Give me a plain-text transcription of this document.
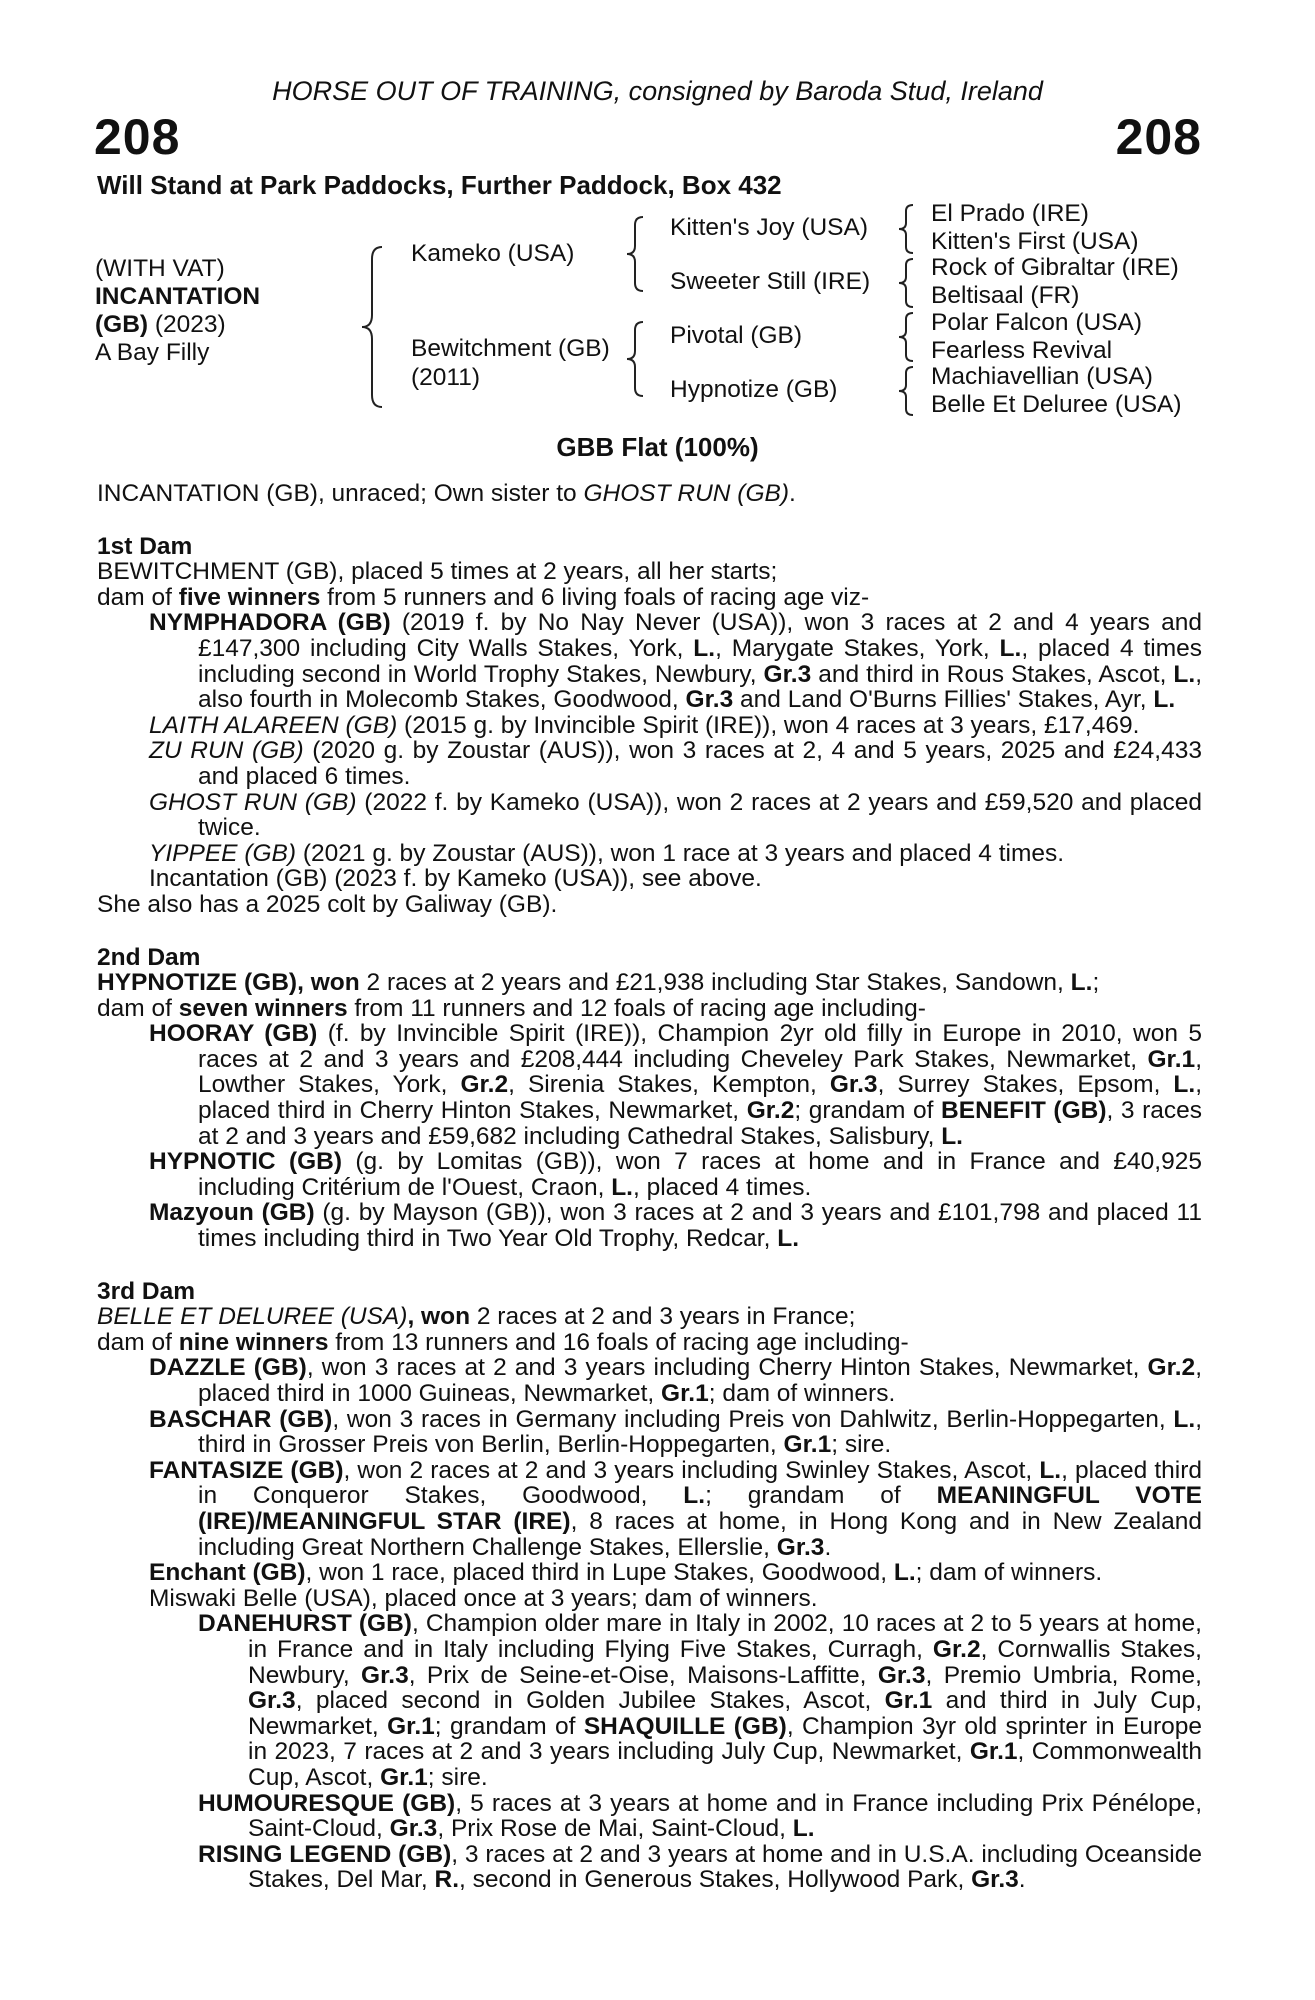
HORSE OUT OF TRAINING, consigned by Baroda Stud, Ireland
208	208
Will Stand at Park Paddocks, Further Paddock, Box 432
(WITH VAT)
INCANTATION
(GB) (2023)
A Bay Filly
Kameko (USA)
Bewitchment (GB)
(2011)
Kitten's Joy (USA)
Sweeter Still (IRE)
Pivotal (GB)
Hypnotize (GB)
El Prado (IRE)
Kitten's First (USA)
Rock of Gibraltar (IRE)
Beltisaal (FR)
Polar Falcon (USA)
Fearless Revival
Machiavellian (USA)
Belle Et Deluree (USA)
GBB Flat (100%)

INCANTATION (GB), unraced; Own sister to GHOST RUN (GB).

1st Dam

BEWITCHMENT (GB), placed 5 times at 2 years, all her starts;

dam of five winners from 5 runners and 6 living foals of racing age viz-

NYMPHADORA (GB) (2019 f. by No Nay Never (USA)), won 3 races at 2 and 4 years and £147,300 including City Walls Stakes, York, L., Marygate Stakes, York, L., placed 4 times including second in World Trophy Stakes, Newbury, Gr.3 and third in Rous Stakes, Ascot, L., also fourth in Molecomb Stakes, Goodwood, Gr.3 and Land O'Burns Fillies' Stakes, Ayr, L.

LAITH ALAREEN (GB) (2015 g. by Invincible Spirit (IRE)), won 4 races at 3 years, £17,469.

ZU RUN (GB) (2020 g. by Zoustar (AUS)), won 3 races at 2, 4 and 5 years, 2025 and £24,433 and placed 6 times.

GHOST RUN (GB) (2022 f. by Kameko (USA)), won 2 races at 2 years and £59,520 and placed twice.

YIPPEE (GB) (2021 g. by Zoustar (AUS)), won 1 race at 3 years and placed 4 times.

Incantation (GB) (2023 f. by Kameko (USA)), see above.

She also has a 2025 colt by Galiway (GB).

2nd Dam

HYPNOTIZE (GB), won 2 races at 2 years and £21,938 including Star Stakes, Sandown, L.;

dam of seven winners from 11 runners and 12 foals of racing age including-

HOORAY (GB) (f. by Invincible Spirit (IRE)), Champion 2yr old filly in Europe in 2010, won 5 races at 2 and 3 years and £208,444 including Cheveley Park Stakes, Newmarket, Gr.1, Lowther Stakes, York, Gr.2, Sirenia Stakes, Kempton, Gr.3, Surrey Stakes, Epsom, L., placed third in Cherry Hinton Stakes, Newmarket, Gr.2; grandam of BENEFIT (GB), 3 races at 2 and 3 years and £59,682 including Cathedral Stakes, Salisbury, L.

HYPNOTIC (GB) (g. by Lomitas (GB)), won 7 races at home and in France and £40,925 including Critérium de l'Ouest, Craon, L., placed 4 times.

Mazyoun (GB) (g. by Mayson (GB)), won 3 races at 2 and 3 years and £101,798 and placed 11 times including third in Two Year Old Trophy, Redcar, L.

3rd Dam

BELLE ET DELUREE (USA), won 2 races at 2 and 3 years in France;

dam of nine winners from 13 runners and 16 foals of racing age including-

DAZZLE (GB), won 3 races at 2 and 3 years including Cherry Hinton Stakes, Newmarket, Gr.2, placed third in 1000 Guineas, Newmarket, Gr.1; dam of winners.

BASCHAR (GB), won 3 races in Germany including Preis von Dahlwitz, Berlin-Hoppegarten, L., third in Grosser Preis von Berlin, Berlin-Hoppegarten, Gr.1; sire.

FANTASIZE (GB), won 2 races at 2 and 3 years including Swinley Stakes, Ascot, L., placed third in Conqueror Stakes, Goodwood, L.; grandam of MEANINGFUL VOTE (IRE)/MEANINGFUL STAR (IRE), 8 races at home, in Hong Kong and in New Zealand including Great Northern Challenge Stakes, Ellerslie, Gr.3.

Enchant (GB), won 1 race, placed third in Lupe Stakes, Goodwood, L.; dam of winners.

Miswaki Belle (USA), placed once at 3 years; dam of winners.

DANEHURST (GB), Champion older mare in Italy in 2002, 10 races at 2 to 5 years at home, in France and in Italy including Flying Five Stakes, Curragh, Gr.2, Cornwallis Stakes, Newbury, Gr.3, Prix de Seine-et-Oise, Maisons-Laffitte, Gr.3, Premio Umbria, Rome, Gr.3, placed second in Golden Jubilee Stakes, Ascot, Gr.1 and third in July Cup, Newmarket, Gr.1; grandam of SHAQUILLE (GB), Champion 3yr old sprinter in Europe in 2023, 7 races at 2 and 3 years including July Cup, Newmarket, Gr.1, Commonwealth Cup, Ascot, Gr.1; sire.

HUMOURESQUE (GB), 5 races at 3 years at home and in France including Prix Pénélope, Saint-Cloud, Gr.3, Prix Rose de Mai, Saint-Cloud, L.

RISING LEGEND (GB), 3 races at 2 and 3 years at home and in U.S.A. including Oceanside Stakes, Del Mar, R., second in Generous Stakes, Hollywood Park, Gr.3.
